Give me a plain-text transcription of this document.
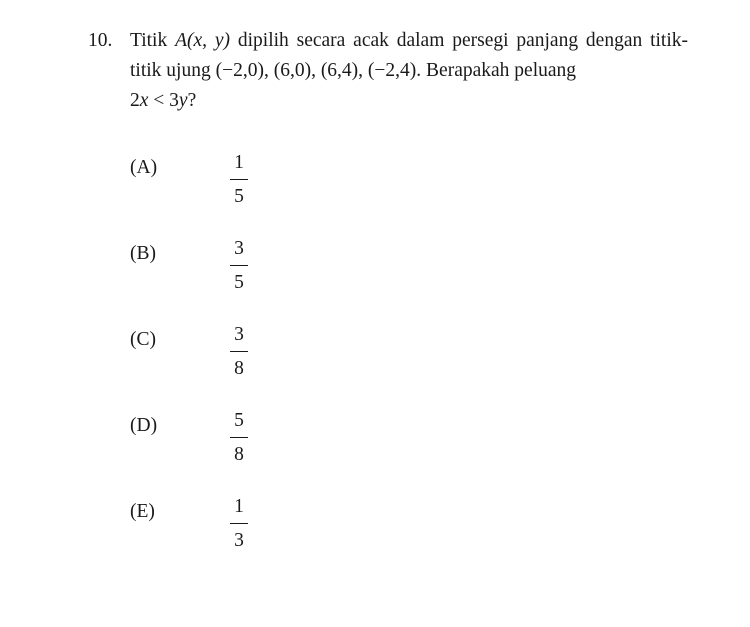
10. Titik A(x, y) dipilih secara acak dalam persegi panjang dengan titik-titik ujung (−2,0), (6,0), (6,4), (−2,4). Berapakah peluang
2x < 3y?
(A)	1
5
(B)	3
5
(C)	3
8
(D)	5
8
(E)	1
3
